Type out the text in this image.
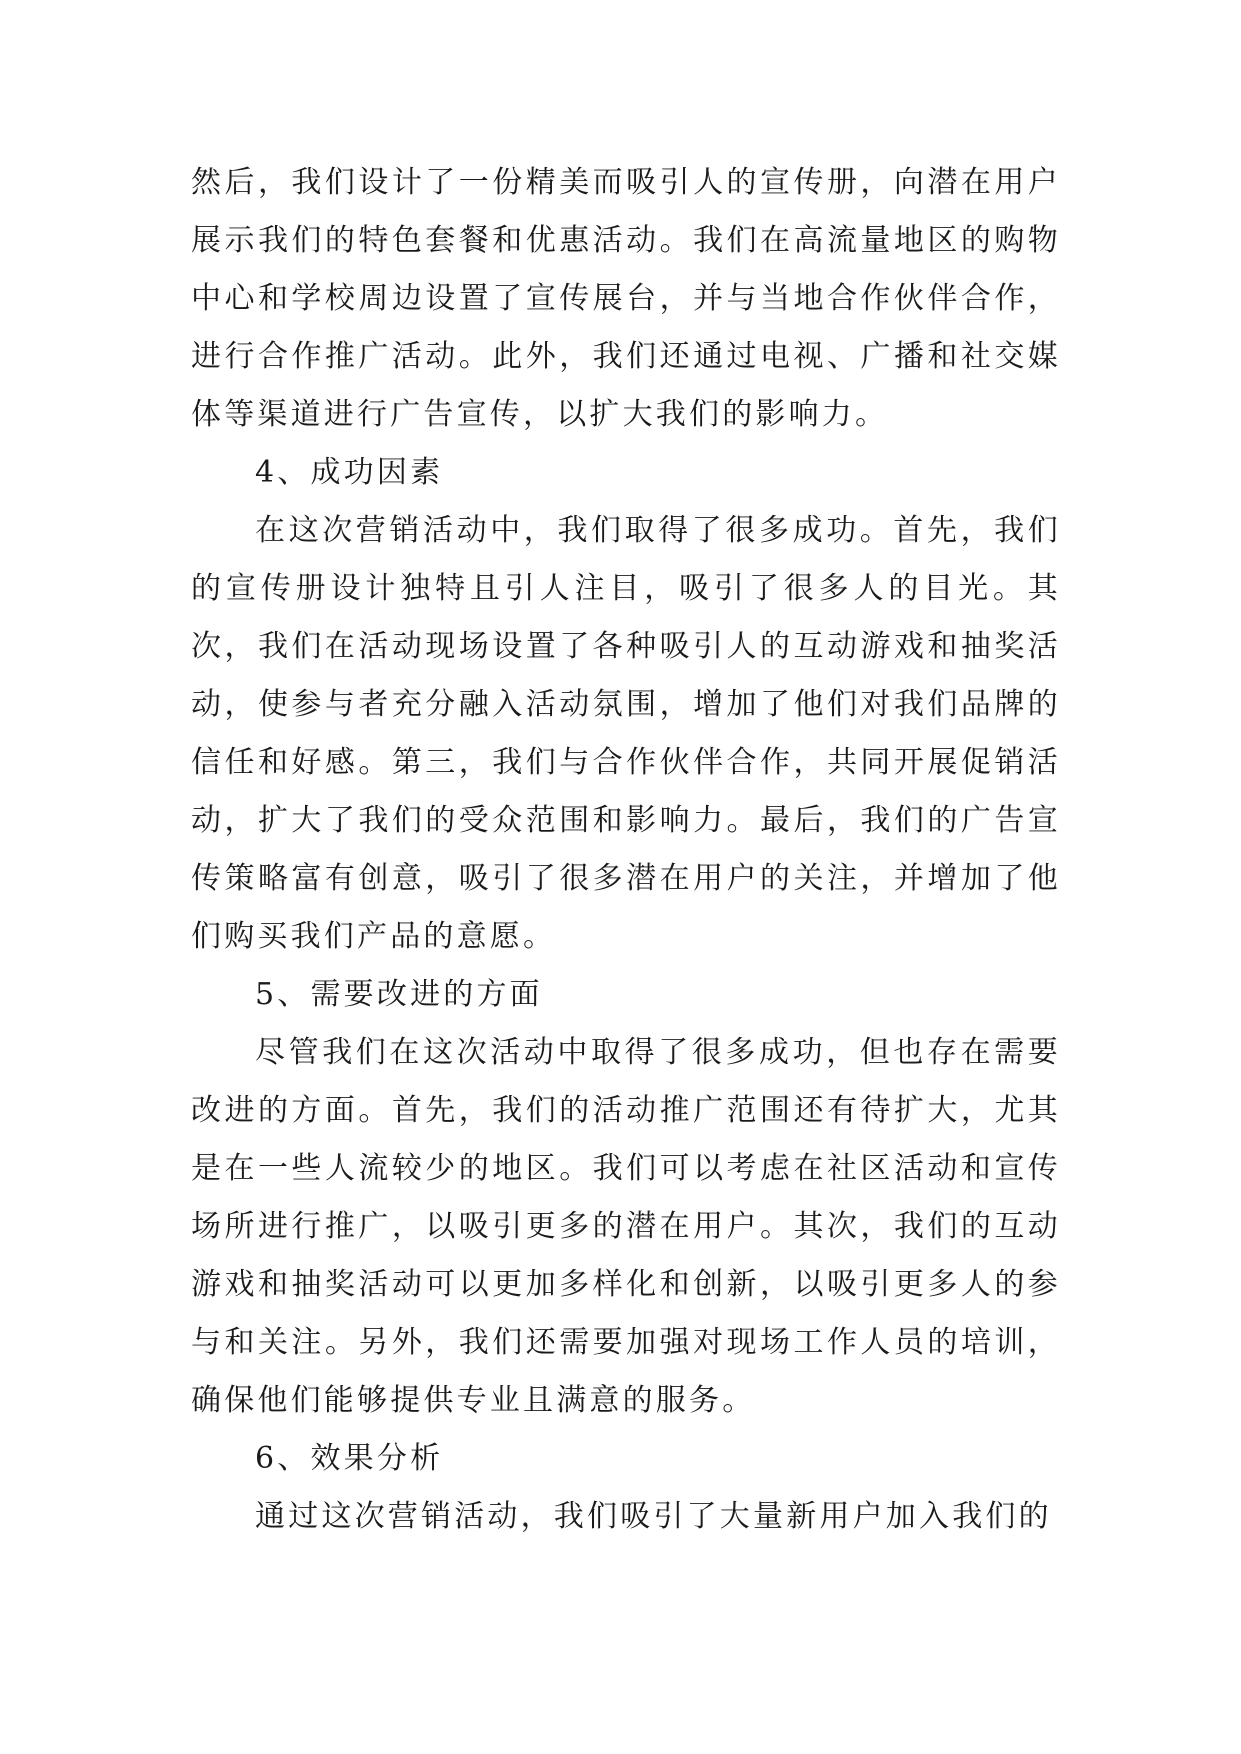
然后，我们设计了一份精美而吸引人的宣传册，向潜在用户展示我们的特色套餐和优惠活动。我们在高流量地区的购物中心和学校周边设置了宣传展台，并与当地合作伙伴合作，进行合作推广活动。此外，我们还通过电视、广播和社交媒体等渠道进行广告宣传，以扩大我们的影响力。

4、成功因素

在这次营销活动中，我们取得了很多成功。首先，我们的宣传册设计独特且引人注目，吸引了很多人的目光。其次，我们在活动现场设置了各种吸引人的互动游戏和抽奖活动，使参与者充分融入活动氛围，增加了他们对我们品牌的信任和好感。第三，我们与合作伙伴合作，共同开展促销活动，扩大了我们的受众范围和影响力。最后，我们的广告宣传策略富有创意，吸引了很多潜在用户的关注，并增加了他们购买我们产品的意愿。

5、需要改进的方面

尽管我们在这次活动中取得了很多成功，但也存在需要改进的方面。首先，我们的活动推广范围还有待扩大，尤其是在一些人流较少的地区。我们可以考虑在社区活动和宣传场所进行推广，以吸引更多的潜在用户。其次，我们的互动游戏和抽奖活动可以更加多样化和创新，以吸引更多人的参与和关注。另外，我们还需要加强对现场工作人员的培训，确保他们能够提供专业且满意的服务。

6、效果分析

通过这次营销活动，我们吸引了大量新用户加入我们的
